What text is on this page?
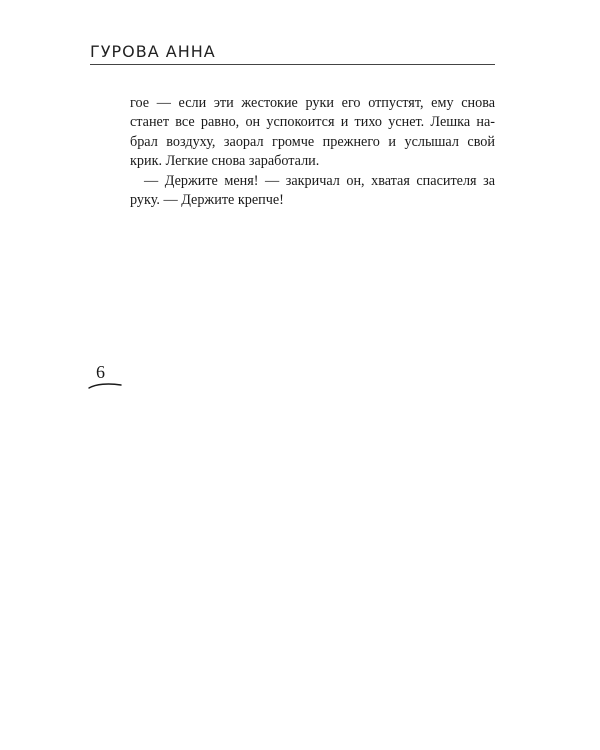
ГУРОВА АННА

гое — если эти жестокие руки его отпустят, ему снова

станет все равно, он успокоится и тихо уснет. Лешка на-

брал воздуху, заорал громче прежнего и услышал свой

крик. Легкие снова заработали.

— Держите меня! — закричал он, хватая спасителя за

руку. — Держите крепче!

6
